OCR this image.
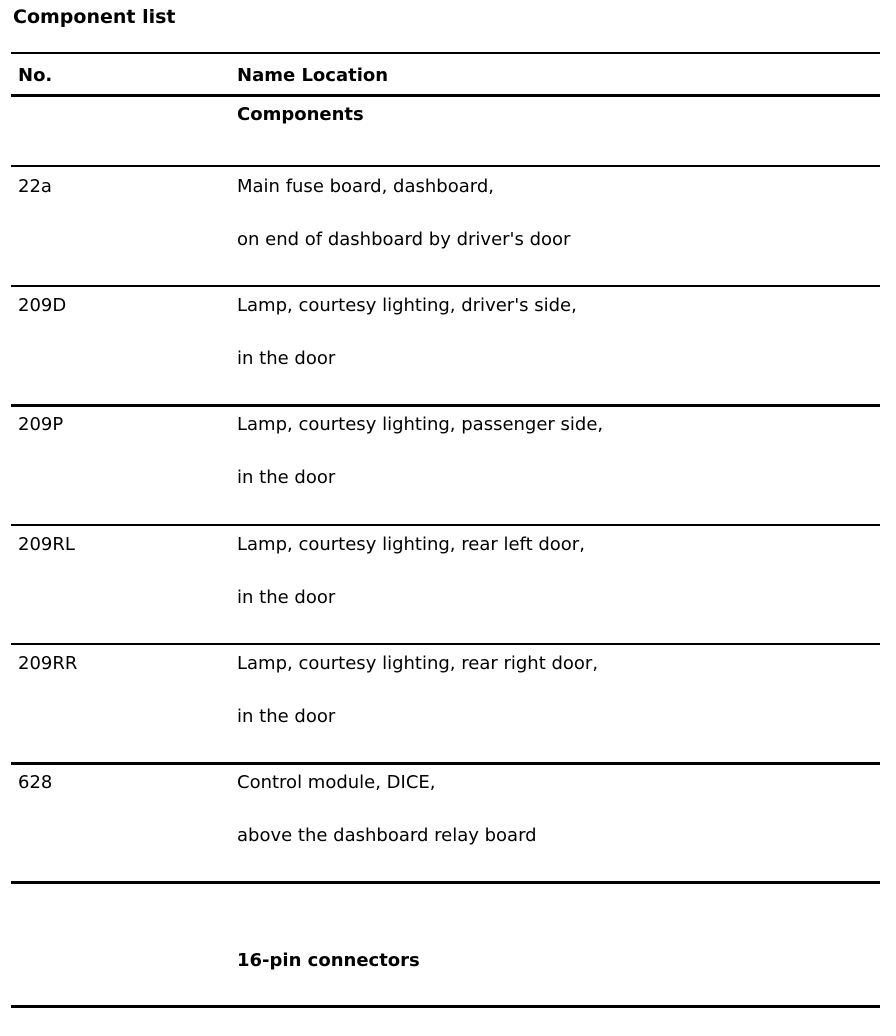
Component list
No.	Name Location
Components
22a	Main fuse board, dashboard,
on end of dashboard by driver's door
209D	Lamp, courtesy lighting, driver's side,
in the door
209P	Lamp, courtesy lighting, passenger side,
in the door
209RL	Lamp, courtesy lighting, rear left door,
in the door
209RR	Lamp, courtesy lighting, rear right door,
in the door
628	Control module, DICE,
above the dashboard relay board
16-pin connectors
